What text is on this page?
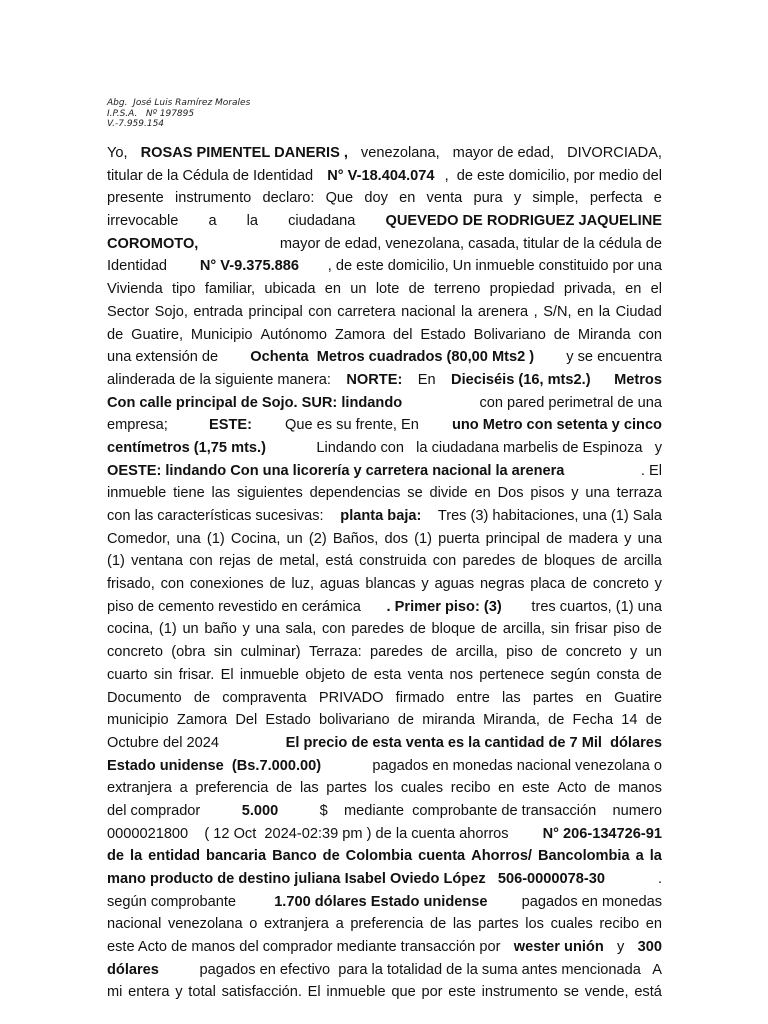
Abg.  José Luis Ramírez Morales
I.P.S.A.   Nº 197895
V.-7.959.154
Yo, ROSAS PIMENTEL DANERIS , venezolana, mayor de edad, DIVORCIADA,
titular de la Cédula de Identidad N° V-18.404.074 ,  de este domicilio, por medio del
presente instrumento declaro: Que doy en venta pura y simple, perfecta e
irrevocable a la ciudadana QUEVEDO DE RODRIGUEZ JAQUELINE
COROMOTO,	mayor de edad, venezolana, casada, titular de la cédula de
Identidad N° V-9.375.886 , de este domicilio, Un inmueble constituido por una
Vivienda tipo familiar, ubicada en un lote de terreno propiedad privada, en el
Sector Sojo, entrada principal con carretera nacional la arenera , S/N, en la Ciudad
de Guatire, Municipio Autónomo Zamora del Estado Bolivariano de Miranda con
una extensión de Ochenta  Metros cuadrados (80,00 Mts2 ) y se encuentra
alinderada de la siguiente manera: NORTE: En Dieciséis (16, mts2.) Metros
Con calle principal de Sojo. SUR: lindando	con pared perimetral de una
empresa; ESTE: Que es su frente, En uno Metro con setenta y cinco
centímetros (1,75 mts.)	Lindando con   la ciudadana marbelis de Espinoza   y
OESTE: lindando Con una licorería y carretera nacional la arenera	. El
inmueble tiene las siguientes dependencias se divide en Dos pisos y una terraza
con las características sucesivas: planta baja: Tres (3) habitaciones, una (1) Sala
Comedor, una (1) Cocina, un (2) Baños, dos (1) puerta principal de madera y una
(1) ventana con rejas de metal, está construida con paredes de bloques de arcilla
frisado, con conexiones de luz, aguas blancas y aguas negras placa de concreto y
piso de cemento revestido en cerámica . Primer piso: (3) tres cuartos, (1) una
cocina, (1) un baño y una sala, con paredes de bloque de arcilla, sin frisar piso de
concreto (obra sin culminar) Terraza: paredes de arcilla, piso de concreto y un
cuarto sin frisar. El inmueble objeto de esta venta nos pertenece según consta de
Documento de compraventa PRIVADO firmado entre las partes en Guatire
municipio Zamora Del Estado bolivariano de miranda Miranda, de Fecha 14 de
Octubre del 2024	El precio de esta venta es la cantidad de 7 Mil  dólares
Estado unidense  (Bs.7.000.00)	pagados en monedas nacional venezolana o
extranjera a preferencia de las partes los cuales recibo en este Acto de manos
del comprador	5.000	$    mediante  comprobante de transacción    numero
0000021800    ( 12 Oct  2024-02:39 pm ) de la cuenta ahorros N° 206-134726-91
de la entidad bancaria Banco de Colombia cuenta Ahorros/ Bancolombia a la
mano producto de destino juliana Isabel Oviedo López   506-0000078-30	.
según comprobante 1.700 dólares Estado unidense pagados en monedas
nacional venezolana o extranjera a preferencia de las partes los cuales recibo en
este Acto de manos del comprador mediante transacción por wester unión y 300
dólares	pagados en efectivo  para la totalidad de la suma antes mencionada   A
mi entera y total satisfacción. El inmueble que por este instrumento se vende, está
